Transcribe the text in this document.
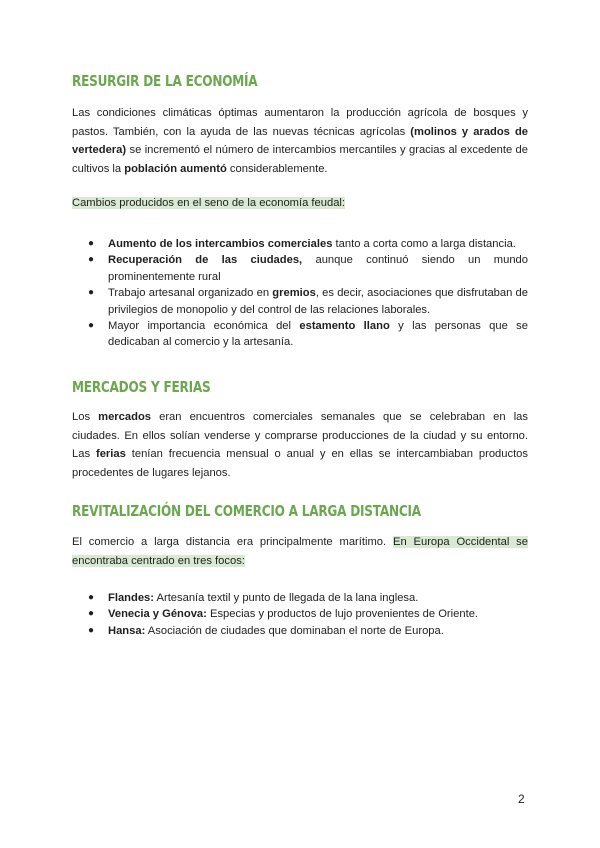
RESURGIR DE LA ECONOMÍA

Las condiciones climáticas óptimas aumentaron la producción agrícola de bosques y pastos. También, con la ayuda de las nuevas técnicas agrícolas (molinos y arados de vertedera) se incrementó el número de intercambios mercantiles y gracias al excedente de cultivos la población aumentó considerablemente.

Cambios producidos en el seno de la economía feudal:

● Aumento de los intercambios comerciales tanto a corta como a larga distancia.
● Recuperación de las ciudades, aunque continuó siendo un mundo prominentemente rural
● Trabajo artesanal organizado en gremios, es decir, asociaciones que disfrutaban de privilegios de monopolio y del control de las relaciones laborales.
● Mayor importancia económica del estamento llano y las personas que se dedicaban al comercio y la artesanía.
MERCADOS Y FERIAS

Los mercados eran encuentros comerciales semanales que se celebraban en las ciudades. En ellos solían venderse y comprarse producciones de la ciudad y su entorno. Las ferias tenían frecuencia mensual o anual y en ellas se intercambiaban productos procedentes de lugares lejanos.

REVITALIZACIÓN DEL COMERCIO A LARGA DISTANCIA

El comercio a larga distancia era principalmente marítimo. En Europa Occidental se encontraba centrado en tres focos:

● Flandes: Artesanía textil y punto de llegada de la lana inglesa.
● Venecia y Génova: Especias y productos de lujo provenientes de Oriente.
● Hansa: Asociación de ciudades que dominaban el norte de Europa.
2
